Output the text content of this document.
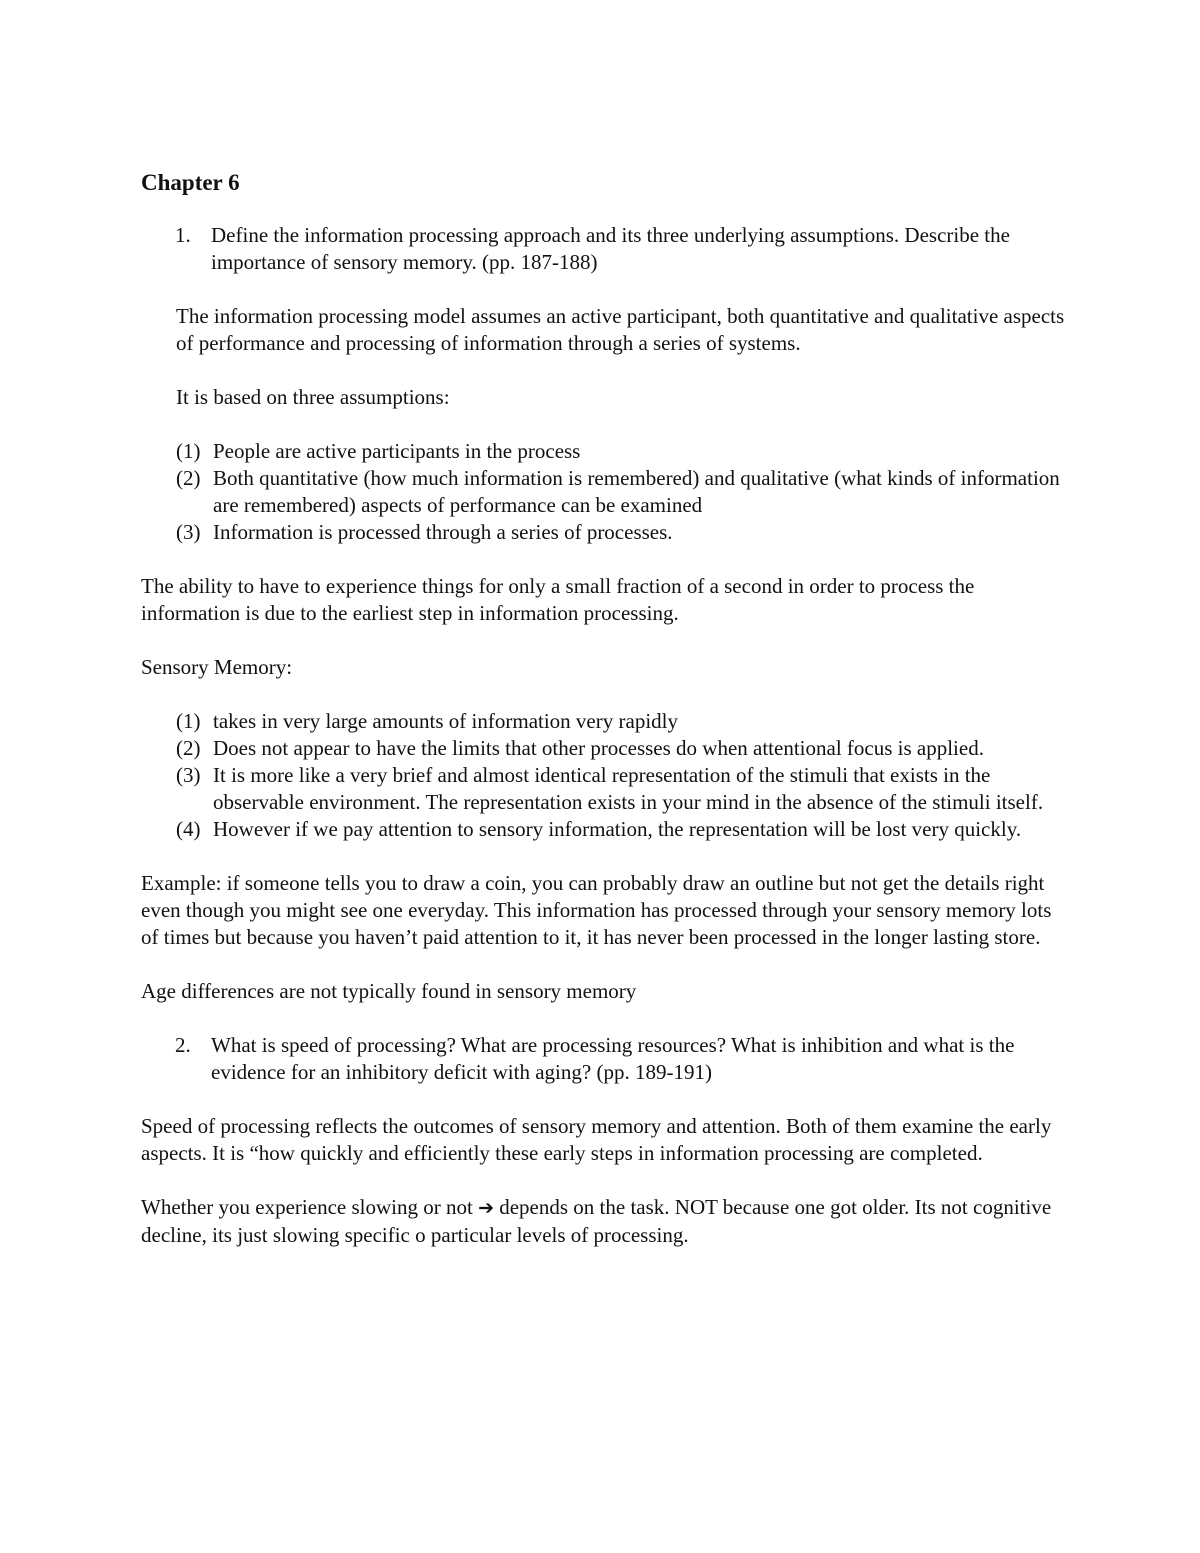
Chapter 6
1. Define the information processing approach and its three underlying assumptions. Describe the importance of sensory memory. (pp. 187-188)
The information processing model assumes an active participant, both quantitative and qualitative aspects of performance and processing of information through a series of systems.
It is based on three assumptions:
(1) People are active participants in the process
(2) Both quantitative (how much information is remembered) and qualitative (what kinds of information are remembered) aspects of performance can be examined
(3) Information is processed through a series of processes.
The ability to have to experience things for only a small fraction of a second in order to process the information is due to the earliest step in information processing.
Sensory Memory:
(1) takes in very large amounts of information very rapidly
(2) Does not appear to have the limits that other processes do when attentional focus is applied.
(3) It is more like a very brief and almost identical representation of the stimuli that exists in the observable environment. The representation exists in your mind in the absence of the stimuli itself.
(4) However if we pay attention to sensory information, the representation will be lost very quickly.
Example: if someone tells you to draw a coin, you can probably draw an outline but not get the details right even though you might see one everyday. This information has processed through your sensory memory lots of times but because you haven’t paid attention to it, it has never been processed in the longer lasting store.
Age differences are not typically found in sensory memory
2. What is speed of processing? What are processing resources? What is inhibition and what is the evidence for an inhibitory deficit with aging? (pp. 189-191)
Speed of processing reflects the outcomes of sensory memory and attention. Both of them examine the early aspects. It is “how quickly and efficiently these early steps in information processing are completed.
Whether you experience slowing or not ➔ depends on the task. NOT because one got older. Its not cognitive decline, its just slowing specific o particular levels of processing.
